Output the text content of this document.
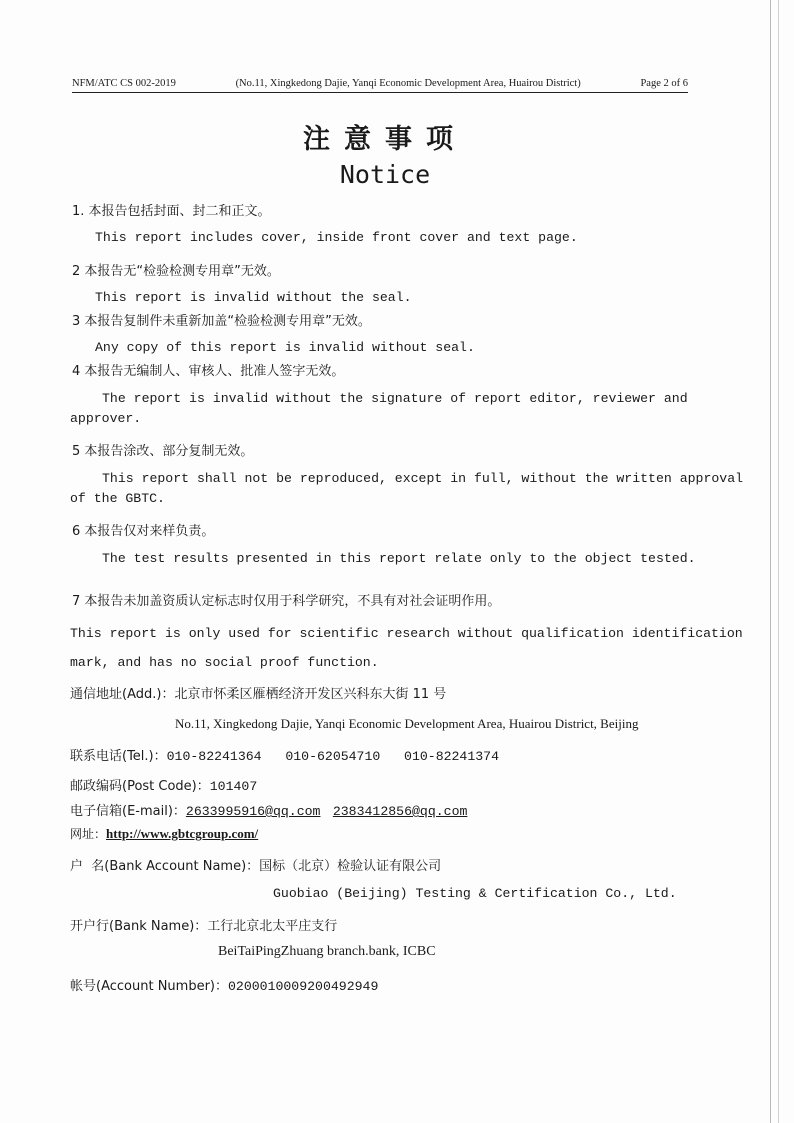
NFM/ATC CS 002-2019	(No.11, Xingkedong Dajie, Yanqi Economic Development Area, Huairou District)	Page 2 of 6
注意事项
Notice
1. 本报告包括封面、封二和正文。
This report includes cover, inside front cover and text page.
2 本报告无“检验检测专用章”无效。
This report is invalid without the seal.
3 本报告复制件未重新加盖“检验检测专用章”无效。
Any copy of this report is invalid without seal.
4 本报告无编制人、审核人、批准人签字无效。
The report is invalid without the signature of report editor, reviewer and
approver.
5 本报告涂改、部分复制无效。
This report shall not be reproduced, except in full, without the written approval
of the GBTC.
6 本报告仅对来样负责。
The test results presented in this report relate only to the object tested.
7 本报告未加盖资质认定标志时仅用于科学研究，不具有对社会证明作用。
This report is only used for scientific research without qualification identification
mark, and has no social proof function.
通信地址(Add.)：北京市怀柔区雁栖经济开发区兴科东大街 11 号
No.11, Xingkedong Dajie, Yanqi Economic Development Area, Huairou District, Beijing
联系电话(Tel.)：010-82241364   010-62054710   010-82241374
邮政编码(Post Code)：101407
电子信箱(E-mail)：2633995916@qq.com 2383412856@qq.com
网址：http://www.gbtcgroup.com/
户  名(Bank Account Name)：国标（北京）检验认证有限公司
Guobiao (Beijing) Testing & Certification Co., Ltd.
开户行(Bank Name)：工行北京北太平庄支行
BeiTaiPingZhuang branch.bank, ICBC
帐号(Account Number)：0200010009200492949
